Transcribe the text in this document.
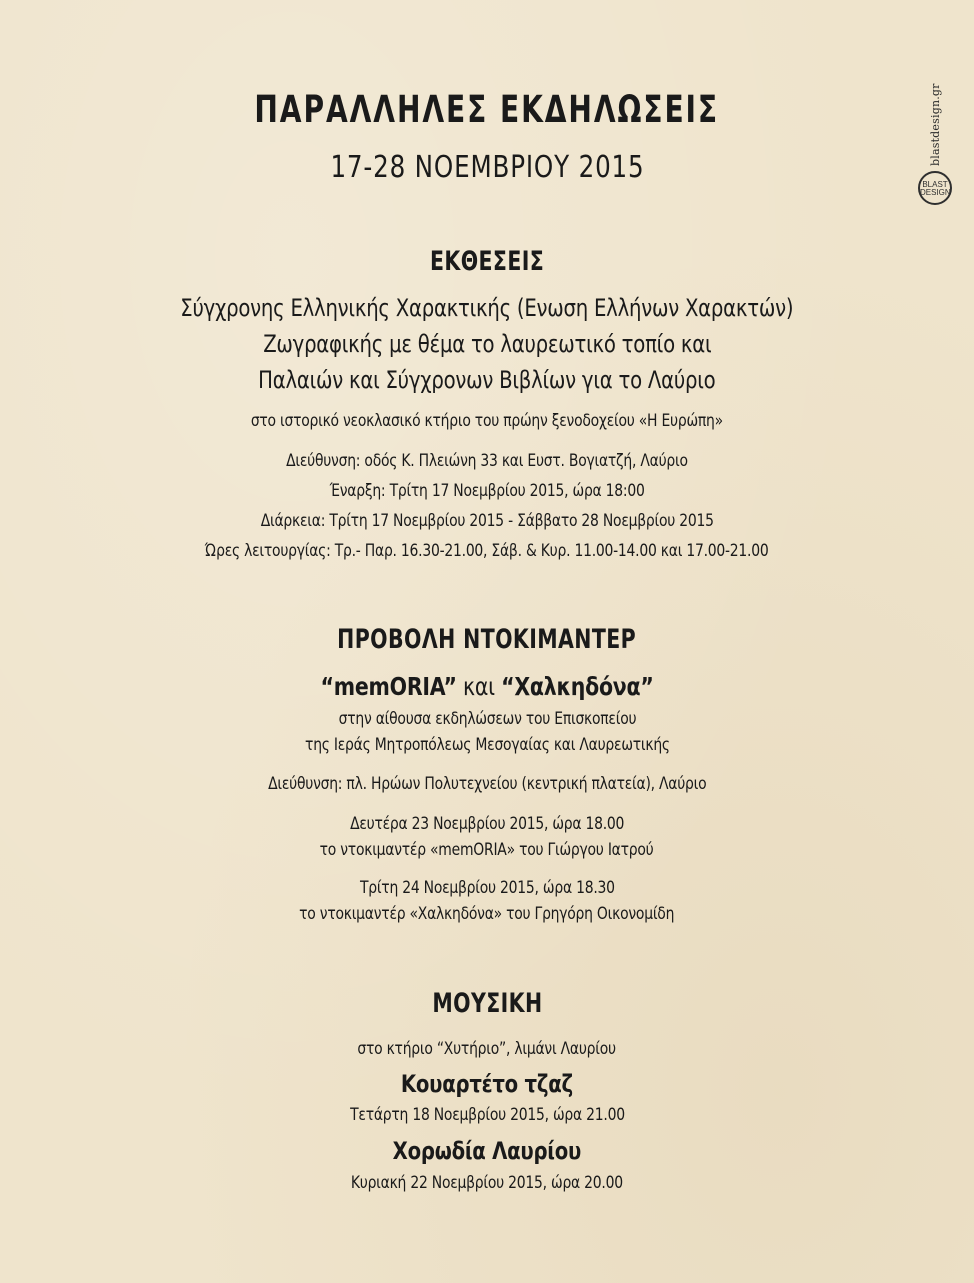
ΠΑΡΑΛΛΗΛΕΣ ΕΚΔΗΛΩΣΕΙΣ
17-28 ΝΟΕΜΒΡΙΟΥ 2015
blastdesign.gr
BLAST
DESIGN
ΕΚΘΕΣΕΙΣ
Σύγχρονης Ελληνικής Χαρακτικής (Ενωση Ελλήνων Χαρακτών)
Ζωγραφικής με θέμα το λαυρεωτικό τοπίο και
Παλαιών και Σύγχρονων Βιβλίων για το Λαύριο
στο ιστορικό νεοκλασικό κτήριο του πρώην ξενοδοχείου «Η Ευρώπη»
Διεύθυνση: οδός Κ. Πλειώνη 33 και Ευστ. Βογιατζή, Λαύριο
Έναρξη: Τρίτη 17 Νοεμβρίου 2015, ώρα 18:00
Διάρκεια: Τρίτη 17 Νοεμβρίου 2015 - Σάββατο 28 Νοεμβρίου 2015
Ώρες λειτουργίας: Τρ.- Παρ. 16.30-21.00, Σάβ. & Κυρ. 11.00-14.00 και 17.00-21.00
ΠΡΟΒΟΛΗ ΝΤΟΚΙΜΑΝΤΕΡ
“memORIA” και “Χαλκηδόνα”
στην αίθουσα εκδηλώσεων του Επισκοπείου
της Ιεράς Μητροπόλεως Μεσογαίας και Λαυρεωτικής
Διεύθυνση: πλ. Ηρώων Πολυτεχνείου (κεντρική πλατεία), Λαύριο
Δευτέρα 23 Νοεμβρίου 2015, ώρα 18.00
το ντοκιμαντέρ «memORIA» του Γιώργου Ιατρού
Τρίτη 24 Νοεμβρίου 2015, ώρα 18.30
το ντοκιμαντέρ «Χαλκηδόνα» του Γρηγόρη Οικονομίδη
ΜΟΥΣΙΚΗ
στο κτήριο “Χυτήριο”, λιμάνι Λαυρίου
Κουαρτέτο τζαζ
Τετάρτη 18 Νοεμβρίου 2015, ώρα 21.00
Χορωδία Λαυρίου
Κυριακή 22 Νοεμβρίου 2015, ώρα 20.00
